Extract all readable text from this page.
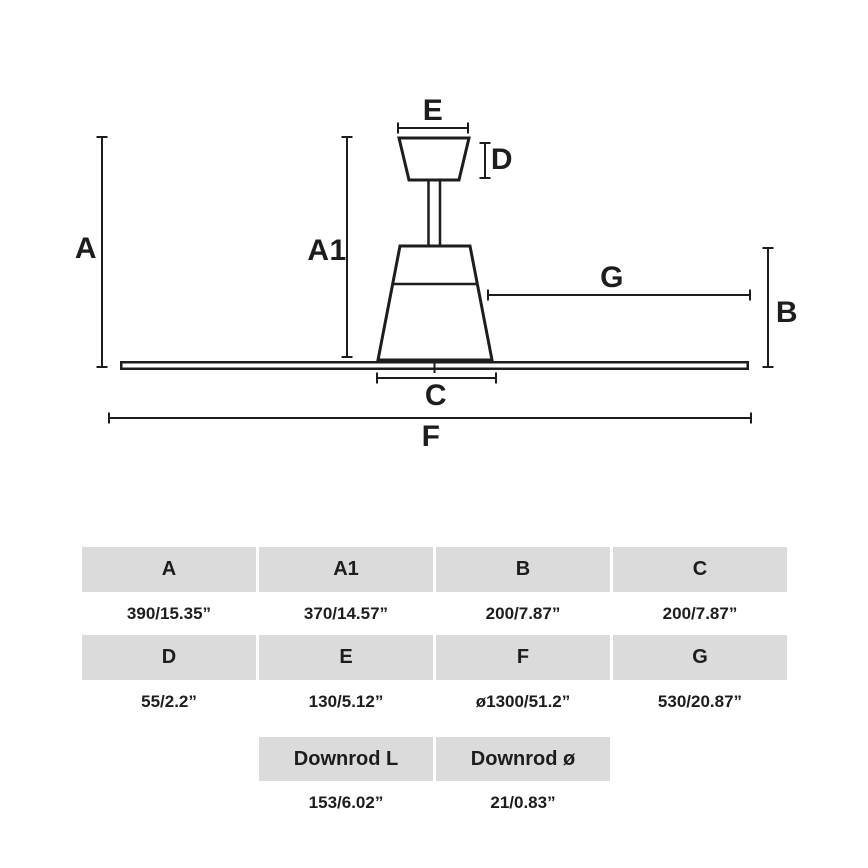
A	A1
B
C
D
E
F
G
A	A1	B	C
390/15.35”	370/14.57”	200/7.87”	200/7.87”
D	E	F	G
55/2.2”	130/5.12”	ø1300/51.2”	530/20.87”
Downrod L	Downrod ø
153/6.02”	21/0.83”
